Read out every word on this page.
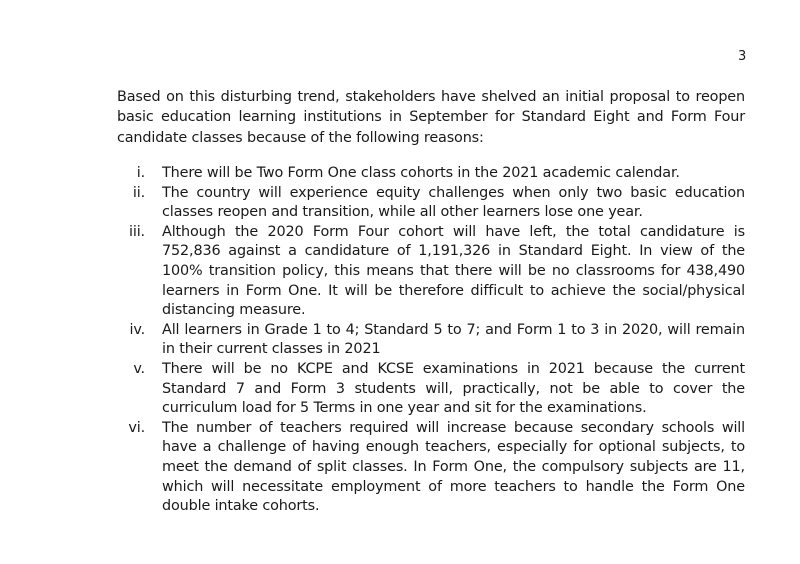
3

Based on this disturbing trend, stakeholders have shelved an initial proposal to reopen basic education learning institutions in September for Standard Eight and Form Four candidate classes because of the following reasons:

i. There will be Two Form One class cohorts in the 2021 academic calendar.
ii. The country will experience equity challenges when only two basic education classes reopen and transition, while all other learners lose one year.
iii. Although the 2020 Form Four cohort will have left, the total candidature is 752,836 against a candidature of 1,191,326 in Standard Eight. In view of the 100% transition policy, this means that there will be no classrooms for 438,490 learners in Form One. It will be therefore difficult to achieve the social/physical distancing measure.
iv. All learners in Grade 1 to 4; Standard 5 to 7; and Form 1 to 3 in 2020, will remain in their current classes in 2021
v. There will be no KCPE and KCSE examinations in 2021 because the current Standard 7 and Form 3 students will, practically, not be able to cover the curriculum load for 5 Terms in one year and sit for the examinations.
vi. The number of teachers required will increase because secondary schools will have a challenge of having enough teachers, especially for optional subjects, to meet the demand of split classes. In Form One, the compulsory subjects are 11, which will necessitate employment of more teachers to handle the Form One double intake cohorts.
